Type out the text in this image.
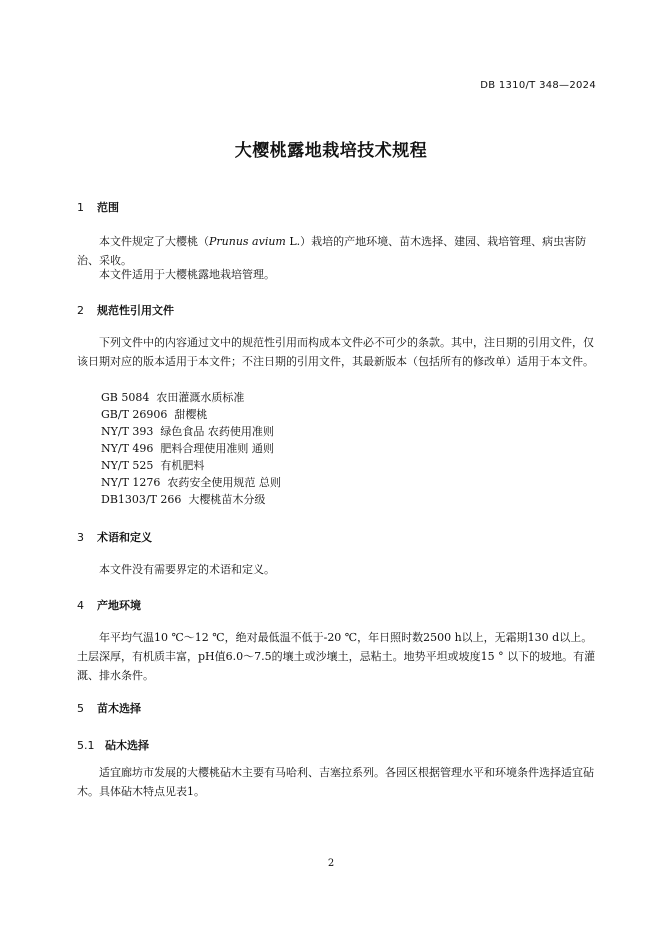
DB 1310/T 348—2024
大樱桃露地栽培技术规程
1 范围
本文件规定了大樱桃（Prunus avium L.）栽培的产地环境、苗木选择、建园、栽培管理、病虫害防治、采收。
本文件适用于大樱桃露地栽培管理。
2 规范性引用文件
下列文件中的内容通过文中的规范性引用而构成本文件必不可少的条款。其中，注日期的引用文件，仅该日期对应的版本适用于本文件；不注日期的引用文件，其最新版本（包括所有的修改单）适用于本文件。
GB 5084  农田灌溉水质标准
GB/T 26906  甜樱桃
NY/T 393  绿色食品 农药使用准则
NY/T 496  肥料合理使用准则 通则
NY/T 525  有机肥料
NY/T 1276  农药安全使用规范 总则
DB1303/T 266  大樱桃苗木分级
3 术语和定义
本文件没有需要界定的术语和定义。
4 产地环境
年平均气温10 ℃～12 ℃，绝对最低温不低于-20 ℃，年日照时数2500 h以上，无霜期130 d以上。土层深厚，有机质丰富，pH值6.0～7.5的壤土或沙壤土，忌粘土。地势平坦或坡度15 ° 以下的坡地。有灌溉、排水条件。
5 苗木选择
5.1 砧木选择
适宜廊坊市发展的大樱桃砧木主要有马哈利、吉塞拉系列。各园区根据管理水平和环境条件选择适宜砧木。具体砧木特点见表1。
2
